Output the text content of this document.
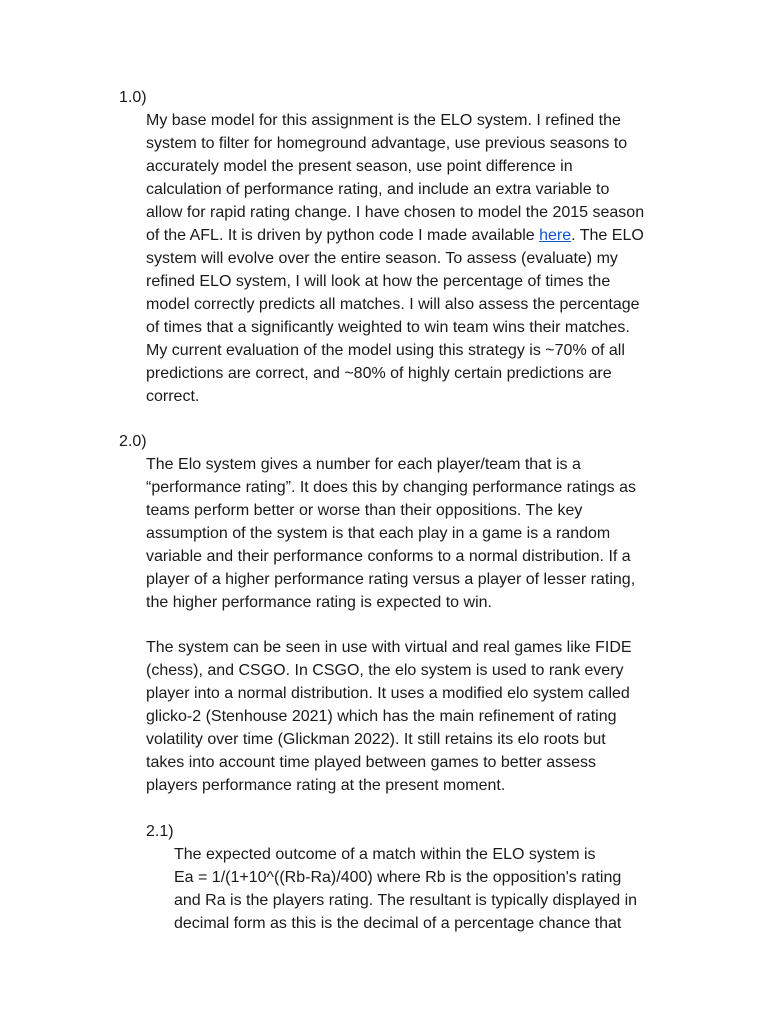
1.0)

My base model for this assignment is the ELO system. I refined the
system to filter for homeground advantage, use previous seasons to
accurately model the present season, use point difference in
calculation of performance rating, and include an extra variable to
allow for rapid rating change. I have chosen to model the 2015 season
of the AFL. It is driven by python code I made available here. The ELO
system will evolve over the entire season. To assess (evaluate) my
refined ELO system, I will look at how the percentage of times the
model correctly predicts all matches. I will also assess the percentage
of times that a significantly weighted to win team wins their matches.
My current evaluation of the model using this strategy is ~70% of all
predictions are correct, and ~80% of highly certain predictions are
correct.

2.0)

The Elo system gives a number for each player/team that is a
“performance rating”. It does this by changing performance ratings as
teams perform better or worse than their oppositions. The key
assumption of the system is that each play in a game is a random
variable and their performance conforms to a normal distribution. If a
player of a higher performance rating versus a player of lesser rating,
the higher performance rating is expected to win.
The system can be seen in use with virtual and real games like FIDE
(chess), and CSGO. In CSGO, the elo system is used to rank every
player into a normal distribution. It uses a modified elo system called
glicko-2 (Stenhouse 2021) which has the main refinement of rating
volatility over time (Glickman 2022). It still retains its elo roots but
takes into account time played between games to better assess
players performance rating at the present moment.

2.1)

The expected outcome of a match within the ELO system is
Ea = 1/(1+10^((Rb-Ra)/400) where Rb is the opposition's rating
and Ra is the players rating. The resultant is typically displayed in
decimal form as this is the decimal of a percentage chance that
